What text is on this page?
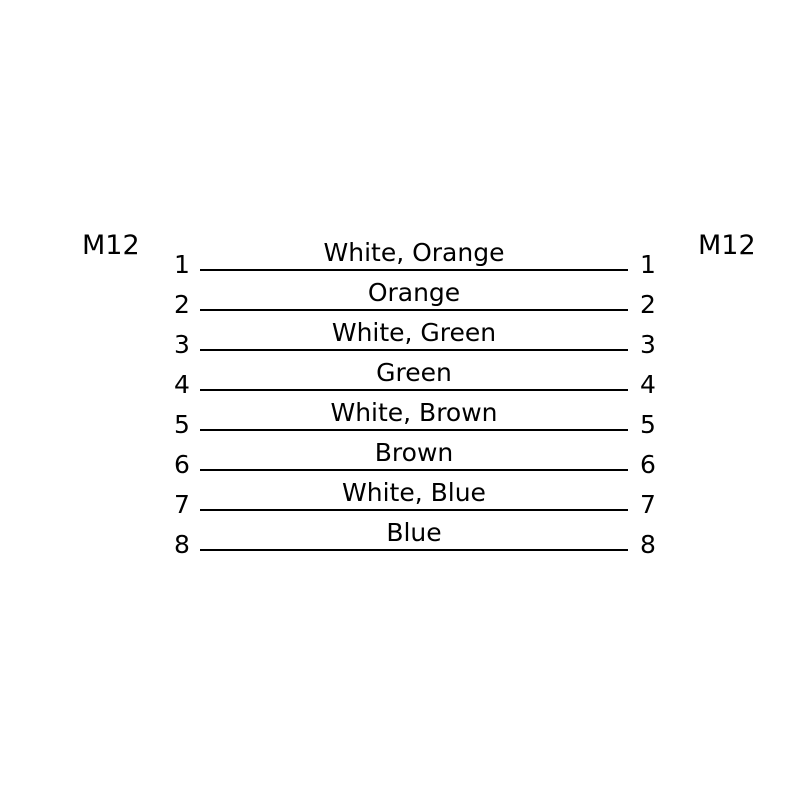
M12	M12
1	White, Orange	1
2	Orange	2
3	White, Green	3
4	Green	4
5	White, Brown	5
6	Brown	6
7	White, Blue	7
8	Blue	8
